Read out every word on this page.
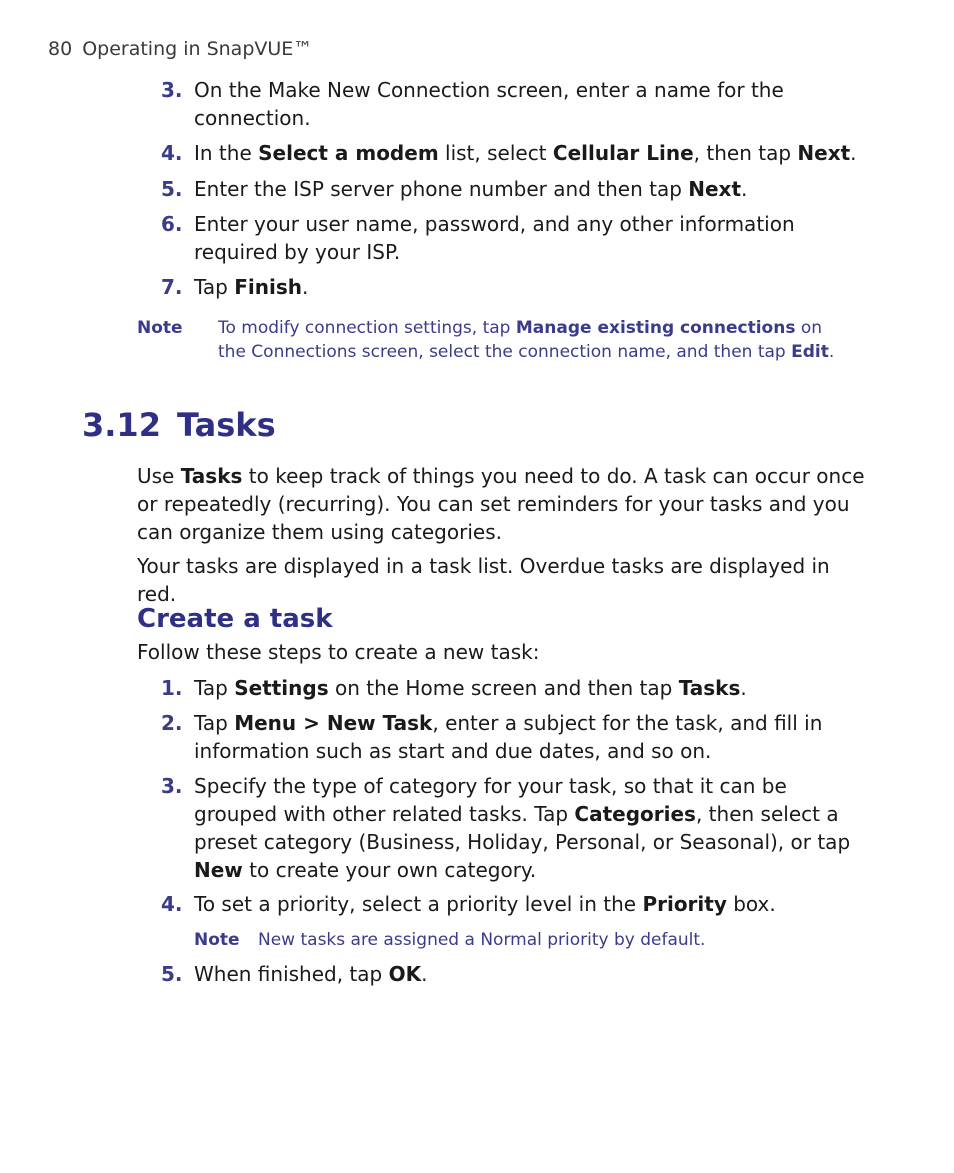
80 Operating in SnapVUE™
3. On the Make New Connection screen, enter a name for the connection.
4. In the Select a modem list, select Cellular Line, then tap Next.
5. Enter the ISP server phone number and then tap Next.
6. Enter your user name, password, and any other information required by your ISP.
7. Tap Finish.
Note To modify connection settings, tap Manage existing connections on the Connections screen, select the connection name, and then tap Edit.
3.12 Tasks
Use Tasks to keep track of things you need to do. A task can occur once or repeatedly (recurring). You can set reminders for your tasks and you can organize them using categories.
Your tasks are displayed in a task list. Overdue tasks are displayed in red.
Create a task
Follow these steps to create a new task:
1. Tap Settings on the Home screen and then tap Tasks.
2. Tap Menu > New Task, enter a subject for the task, and fill in information such as start and due dates, and so on.
3. Specify the type of category for your task, so that it can be grouped with other related tasks. Tap Categories, then select a preset category (Business, Holiday, Personal, or Seasonal), or tap New to create your own category.
4. To set a priority, select a priority level in the Priority box.
Note New tasks are assigned a Normal priority by default.
5. When finished, tap OK.
